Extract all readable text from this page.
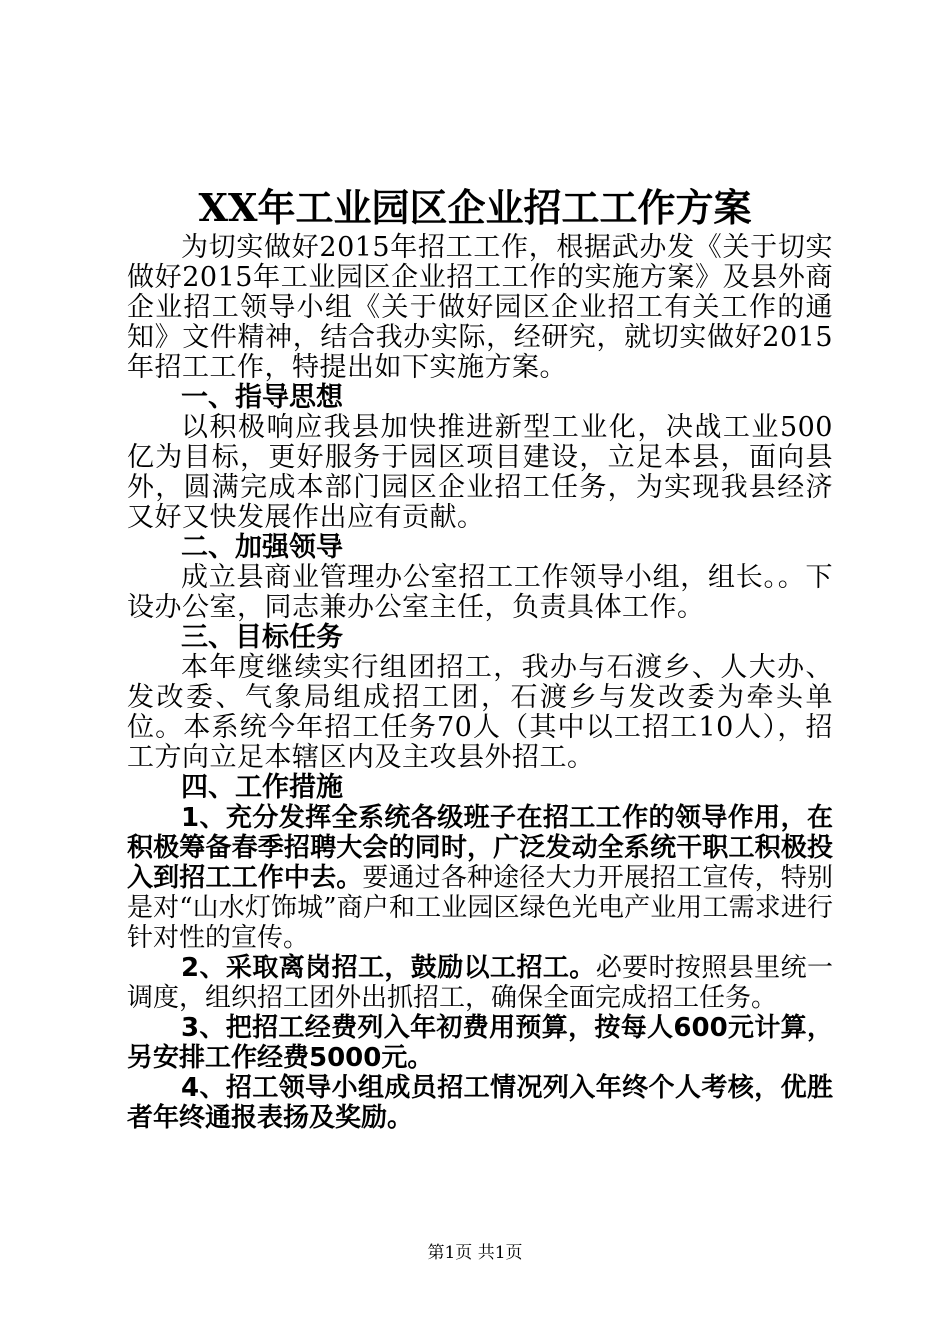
XX年工业园区企业招工工作方案

为切实做好2015年招工工作，根据武办发《关于切实做好2015年工业园区企业招工工作的实施方案》及县外商企业招工领导小组《关于做好园区企业招工有关工作的通知》文件精神，结合我办实际，经研究，就切实做好2015年招工工作，特提出如下实施方案。

一、指导思想

以积极响应我县加快推进新型工业化，决战工业500亿为目标，更好服务于园区项目建设，立足本县，面向县外，圆满完成本部门园区企业招工任务，为实现我县经济又好又快发展作出应有贡献。

二、加强领导

成立县商业管理办公室招工工作领导小组，组长。。下设办公室，同志兼办公室主任，负责具体工作。

三、目标任务

本年度继续实行组团招工，我办与石渡乡、人大办、发改委、气象局组成招工团，石渡乡与发改委为牵头单位。本系统今年招工任务70人（其中以工招工10人），招工方向立足本辖区内及主攻县外招工。

四、工作措施

1、充分发挥全系统各级班子在招工工作的领导作用，在积极筹备春季招聘大会的同时，广泛发动全系统干职工积极投入到招工工作中去。要通过各种途径大力开展招工宣传，特别是对“山水灯饰城”商户和工业园区绿色光电产业用工需求进行针对性的宣传。

2、采取离岗招工，鼓励以工招工。必要时按照县里统一调度，组织招工团外出抓招工，确保全面完成招工任务。

3、把招工经费列入年初费用预算，按每人600元计算，另安排工作经费5000元。

4、招工领导小组成员招工情况列入年终个人考核，优胜者年终通报表扬及奖励。

第1页 共1页
